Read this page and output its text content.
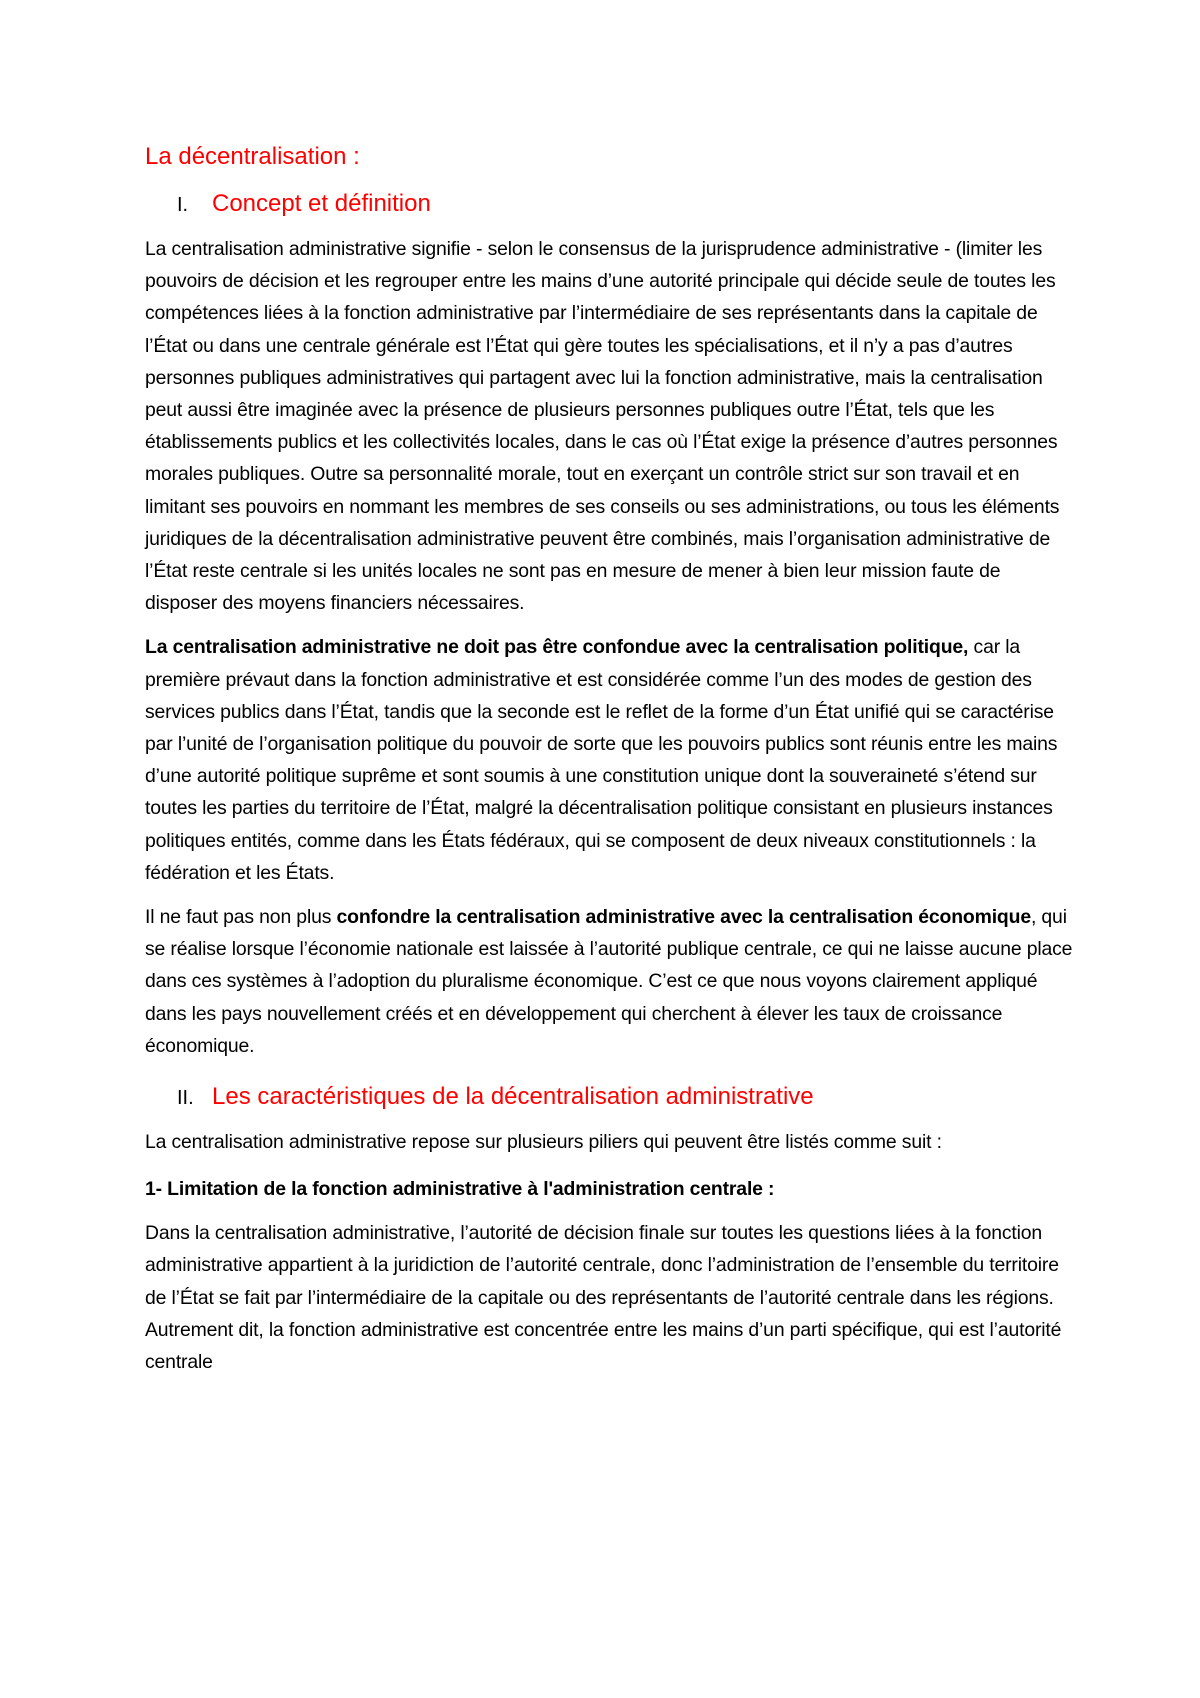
La décentralisation :
I. Concept et définition

La centralisation administrative signifie - selon le consensus de la jurisprudence administrative - (limiter les pouvoirs de décision et les regrouper entre les mains d’une autorité principale qui décide seule de toutes les compétences liées à la fonction administrative par l’intermédiaire de ses représentants dans la capitale de l’État ou dans une centrale générale est l’État qui gère toutes les spécialisations, et il n’y a pas d’autres personnes publiques administratives qui partagent avec lui la fonction administrative, mais la centralisation peut aussi être imaginée avec la présence de plusieurs personnes publiques outre l’État, tels que les établissements publics et les collectivités locales, dans le cas où l’État exige la présence d’autres personnes morales publiques. Outre sa personnalité morale, tout en exerçant un contrôle strict sur son travail et en limitant ses pouvoirs en nommant les membres de ses conseils ou ses administrations, ou tous les éléments juridiques de la décentralisation administrative peuvent être combinés, mais l’organisation administrative de l’État reste centrale si les unités locales ne sont pas en mesure de mener à bien leur mission faute de disposer des moyens financiers nécessaires.

La centralisation administrative ne doit pas être confondue avec la centralisation politique, car la première prévaut dans la fonction administrative et est considérée comme l’un des modes de gestion des services publics dans l’État, tandis que la seconde est le reflet de la forme d’un État unifié qui se caractérise par l’unité de l’organisation politique du pouvoir de sorte que les pouvoirs publics sont réunis entre les mains d’une autorité politique suprême et sont soumis à une constitution unique dont la souveraineté s’étend sur toutes les parties du territoire de l’État, malgré la décentralisation politique consistant en plusieurs instances politiques entités, comme dans les États fédéraux, qui se composent de deux niveaux constitutionnels : la fédération et les États.

Il ne faut pas non plus confondre la centralisation administrative avec la centralisation économique, qui se réalise lorsque l’économie nationale est laissée à l’autorité publique centrale, ce qui ne laisse aucune place dans ces systèmes à l’adoption du pluralisme économique. C’est ce que nous voyons clairement appliqué dans les pays nouvellement créés et en développement qui cherchent à élever les taux de croissance économique.

II. Les caractéristiques de la décentralisation administrative

La centralisation administrative repose sur plusieurs piliers qui peuvent être listés comme suit :

1- Limitation de la fonction administrative à l'administration centrale :

Dans la centralisation administrative, l’autorité de décision finale sur toutes les questions liées à la fonction administrative appartient à la juridiction de l’autorité centrale, donc l’administration de l’ensemble du territoire de l’État se fait par l’intermédiaire de la capitale ou des représentants de l’autorité centrale dans les régions. Autrement dit, la fonction administrative est concentrée entre les mains d’un parti spécifique, qui est l’autorité centrale
